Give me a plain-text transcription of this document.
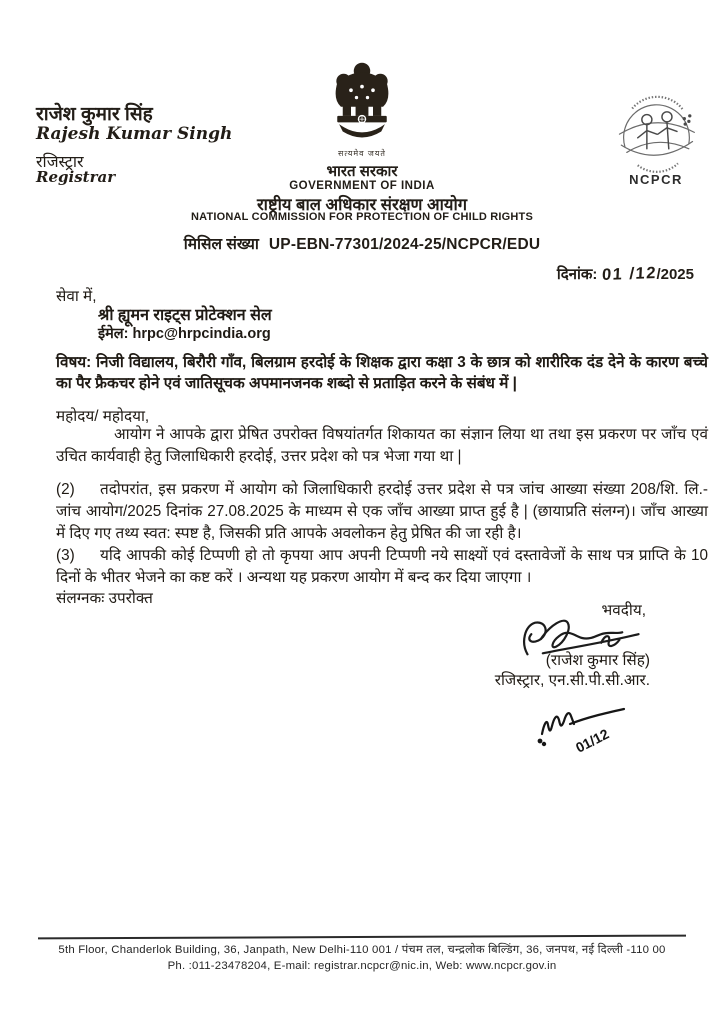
राजेश कुमार सिंह
Rajesh Kumar Singh
रजिस्ट्रार
Registrar
सत्यमेव जयते
NCPCR
भारत सरकार
GOVERNMENT OF INDIA
राष्ट्रीय बाल अधिकार संरक्षण आयोग
NATIONAL COMMISSION FOR PROTECTION OF CHILD RIGHTS
मिसिल संख्या UP-EBN-77301/2024-25/NCPCR/EDU
दिनांक: 01 /12/2025
सेवा में,
श्री ह्यूमन राइट्स प्रोटेक्शन सेल
ईमेल: hrpc@hrpcindia.org
विषय: निजी विद्यालय, बिरौरी गाँव, बिलग्राम हरदोई के शिक्षक द्वारा कक्षा 3 के छात्र को शारीरिक दंड देने के कारण बच्चे का पैर फ्रैकचर होने एवं जातिसूचक अपमानजनक शब्दो से प्रताड़ित करने के संबंध में |
महोदय/ महोदया,
आयोग ने आपके द्वारा प्रेषित उपरोक्त विषयांतर्गत शिकायत का संज्ञान लिया था तथा इस प्रकरण पर जाँच एवं उचित कार्यवाही हेतु जिलाधिकारी हरदोई, उत्तर प्रदेश को पत्र भेजा गया था |
(2) तदोपरांत, इस प्रकरण में आयोग को जिलाधिकारी हरदोई उत्तर प्रदेश से पत्र जांच आख्या संख्या 208/शि. लि.-जांच आयोग/2025 दिनांक 27.08.2025 के माध्यम से एक जाँच आख्या प्राप्त हुई है | (छायाप्रति संलग्न)। जाँच आख्या में दिए गए तथ्य स्वत: स्पष्ट है, जिसकी प्रति आपके अवलोकन हेतु प्रेषित की जा रही है।
(3) यदि आपकी कोई टिप्पणी हो तो कृपया आप अपनी टिप्पणी नये साक्ष्यों एवं दस्तावेजों के साथ पत्र प्राप्ति के 10 दिनों के भीतर भेजने का कष्ट करें । अन्यथा यह प्रकरण आयोग में बन्द कर दिया जाएगा ।
संलग्नकः उपरोक्त
भवदीय,
(राजेश कुमार सिंह)
रजिस्ट्रार, एन.सी.पी.सी.आर.
01/12
5th Floor, Chanderlok Building, 36, Janpath, New Delhi-110 001 / पंचम तल, चन्द्रलोक बिल्डिंग, 36, जनपथ, नई दिल्ली -110 00
Ph. :011-23478204, E-mail: registrar.ncpcr@nic.in, Web: www.ncpcr.gov.in
